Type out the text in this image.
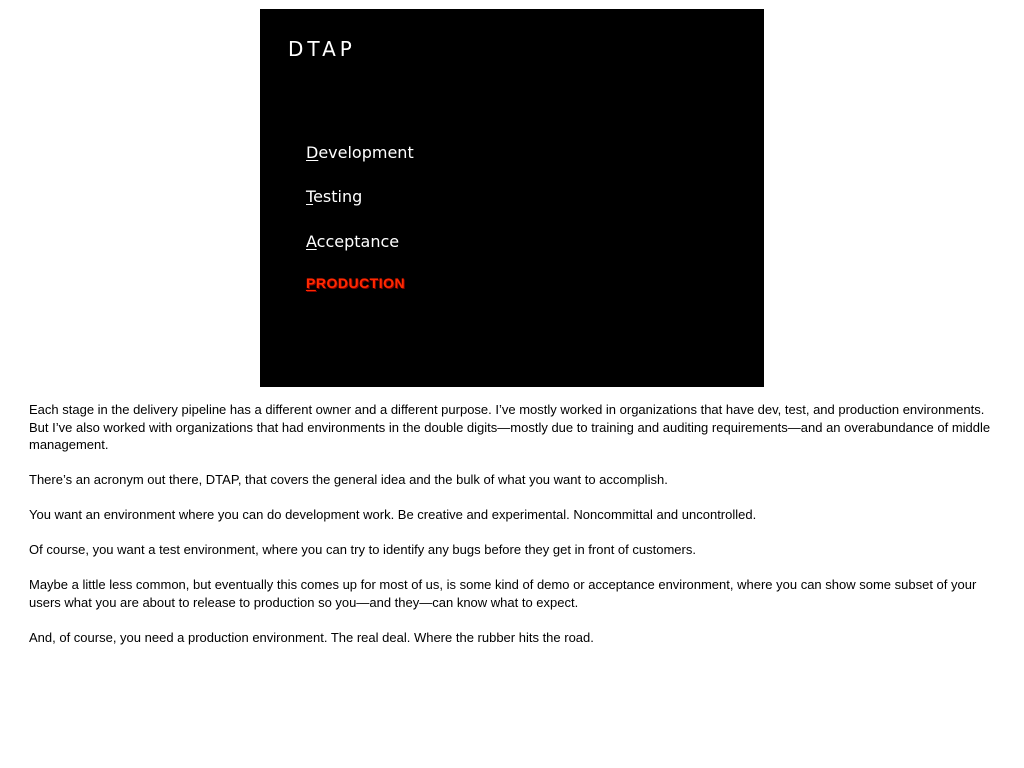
DTAP
Development
Testing
Acceptance
PRODUCTION

Each stage in the delivery pipeline has a different owner and a different purpose. I’ve mostly worked in organizations that have dev, test, and production environments. But I’ve also worked with organizations that had environments in the double digits—mostly due to training and auditing requirements—and an overabundance of middle management.

There’s an acronym out there, DTAP, that covers the general idea and the bulk of what you want to accomplish.

You want an environment where you can do development work. Be creative and experimental. Noncommittal and uncontrolled.

Of course, you want a test environment, where you can try to identify any bugs before they get in front of customers.

Maybe a little less common, but eventually this comes up for most of us, is some kind of demo or acceptance environment, where you can show some subset of your users what you are about to release to production so you—and they—can know what to expect.

And, of course, you need a production environment. The real deal. Where the rubber hits the road.
